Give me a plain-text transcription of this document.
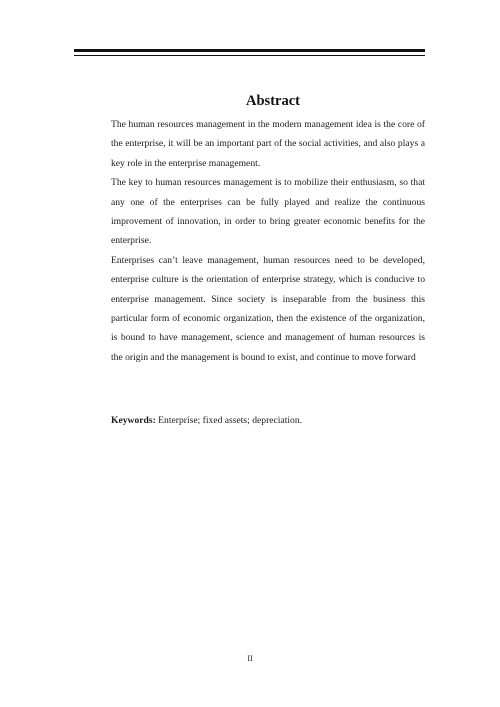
Abstract

The human resources management in the modern management idea is the core of the enterprise, it will be an important part of the social activities, and also plays a key role in the enterprise management.

The key to human resources management is to mobilize their enthusiasm, so that any one of the enterprises can be fully played and realize the continuous improvement of innovation, in order to bring greater economic benefits for the enterprise.

Enterprises can’t leave management, human resources need to be developed, enterprise culture is the orientation of enterprise strategy, which is conducive to enterprise management. Since society is inseparable from the business this particular form of economic organization, then the existence of the organization, is bound to have management, science and management of human resources is the origin and the management is bound to exist, and continue to move forward

Keywords: Enterprise; fixed assets; depreciation.
II
